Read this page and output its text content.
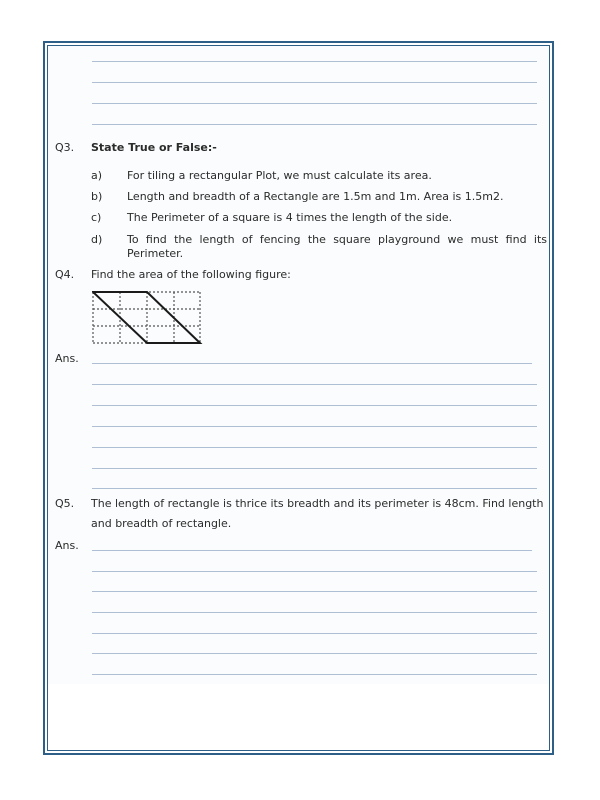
Q3. State True or False:-
a) For tiling a rectangular Plot, we must calculate its area.
b) Length and breadth of a Rectangle are 1.5m and 1m. Area is 1.5m2.
c) The Perimeter of a square is 4 times the length of the side.
d) To find the length of fencing the square playground we must find its
Perimeter.
Q4. Find the area of the following figure:
Ans.
Q5. The length of rectangle is thrice its breadth and its perimeter is 48cm. Find length
and breadth of rectangle.
Ans.
